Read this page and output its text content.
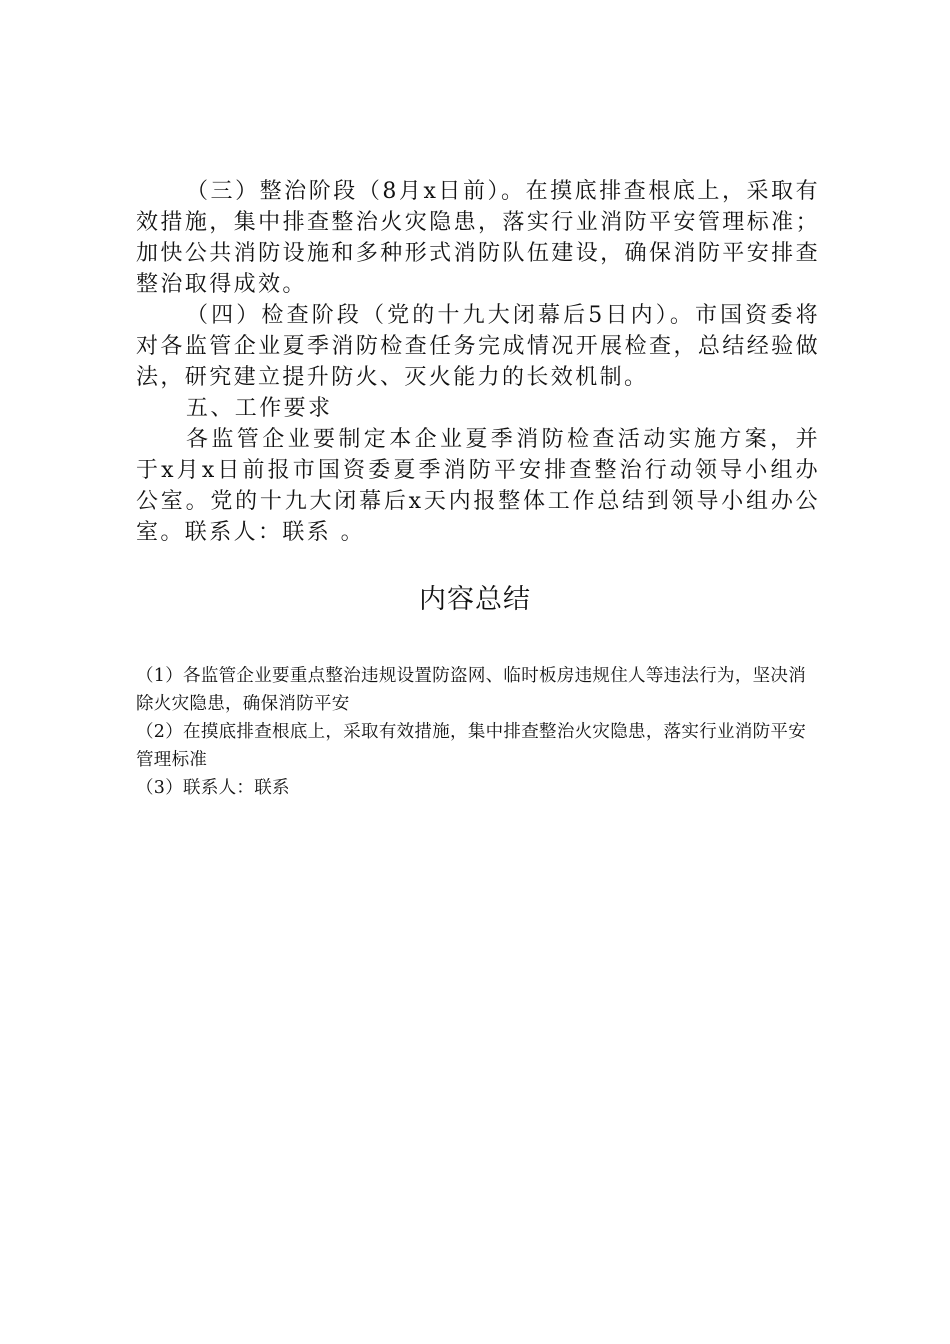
（三）整治阶段（8月x日前）。在摸底排查根底上，采取有效措施，集中排查整治火灾隐患，落实行业消防平安管理标准；加快公共消防设施和多种形式消防队伍建设，确保消防平安排查整治取得成效。

（四）检查阶段（党的十九大闭幕后5日内）。市国资委将对各监管企业夏季消防检查任务完成情况开展检查，总结经验做法，研究建立提升防火、灭火能力的长效机制。

五、工作要求

各监管企业要制定本企业夏季消防检查活动实施方案，并于x月x日前报市国资委夏季消防平安排查整治行动领导小组办公室。党的十九大闭幕后x天内报整体工作总结到领导小组办公室。联系人：联系 。

内容总结

（1）各监管企业要重点整治违规设置防盗网、临时板房违规住人等违法行为，坚决消除火灾隐患，确保消防平安

（2）在摸底排查根底上，采取有效措施，集中排查整治火灾隐患，落实行业消防平安管理标准

（3）联系人：联系
